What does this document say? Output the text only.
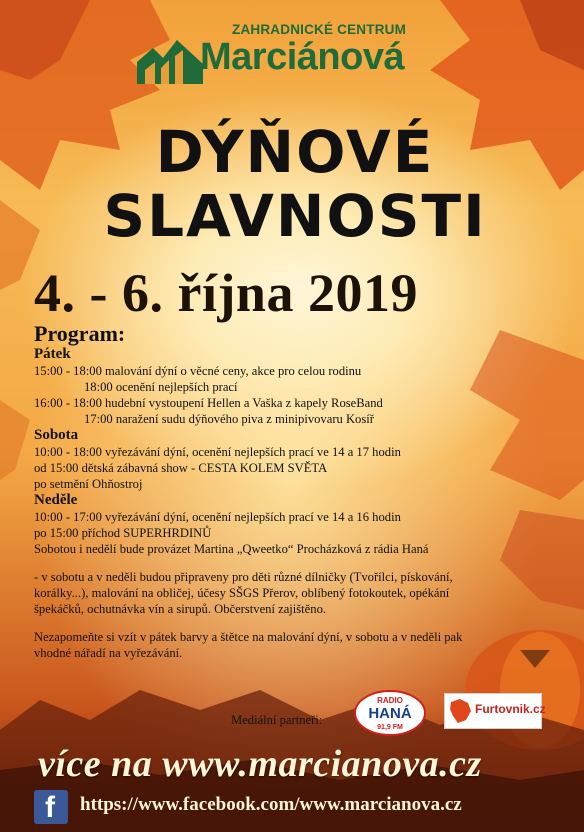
ZAHRADNICKÉ CENTRUM
Marciánová
DÝŇOVÉ
SLAVNOSTI
4. - 6. října 2019

Program:

Pátek

15:00 - 18:00 malování dýní o věcné ceny, akce pro celou rodinu

18:00 ocenění nejlepších prací

16:00 - 18:00 hudební vystoupení Hellen a Vaška z kapely RoseBand

17:00 naražení sudu dýňového piva z minipivovaru Kosíř

Sobota

10:00 - 18:00 vyřezávání dýní, ocenění nejlepších prací ve 14 a 17 hodin

od 15:00 dětská zábavná show - CESTA KOLEM SVĚTA

po setmění Ohňostroj

Neděle

10:00 - 17:00 vyřezávání dýní, ocenění nejlepších prací ve 14 a 16 hodin

po 15:00 příchod SUPERHRDINŮ

Sobotou i nedělí bude provázet Martina „Qweetko“ Procházková z rádia Haná

- v sobotu a v neděli budou připraveny pro děti různé dílničky (Tvořílci, pískování,

korálky...), malování na obličej, účesy SŠGS Přerov, oblíbený fotokoutek, opékání

špekáčků, ochutnávka vín a sirupů. Občerstvení zajištěno.

Nezapomeňte si vzít v pátek barvy a štětce na malování dýní, v sobotu a v neděli pak

vhodné nářadí na vyřezávání.

Mediální partneři:
RADIO
HANÁ
91,9 FM
Furtovnik.cz
více na www.marcianova.cz
f https://www.facebook.com/www.marcianova.cz
